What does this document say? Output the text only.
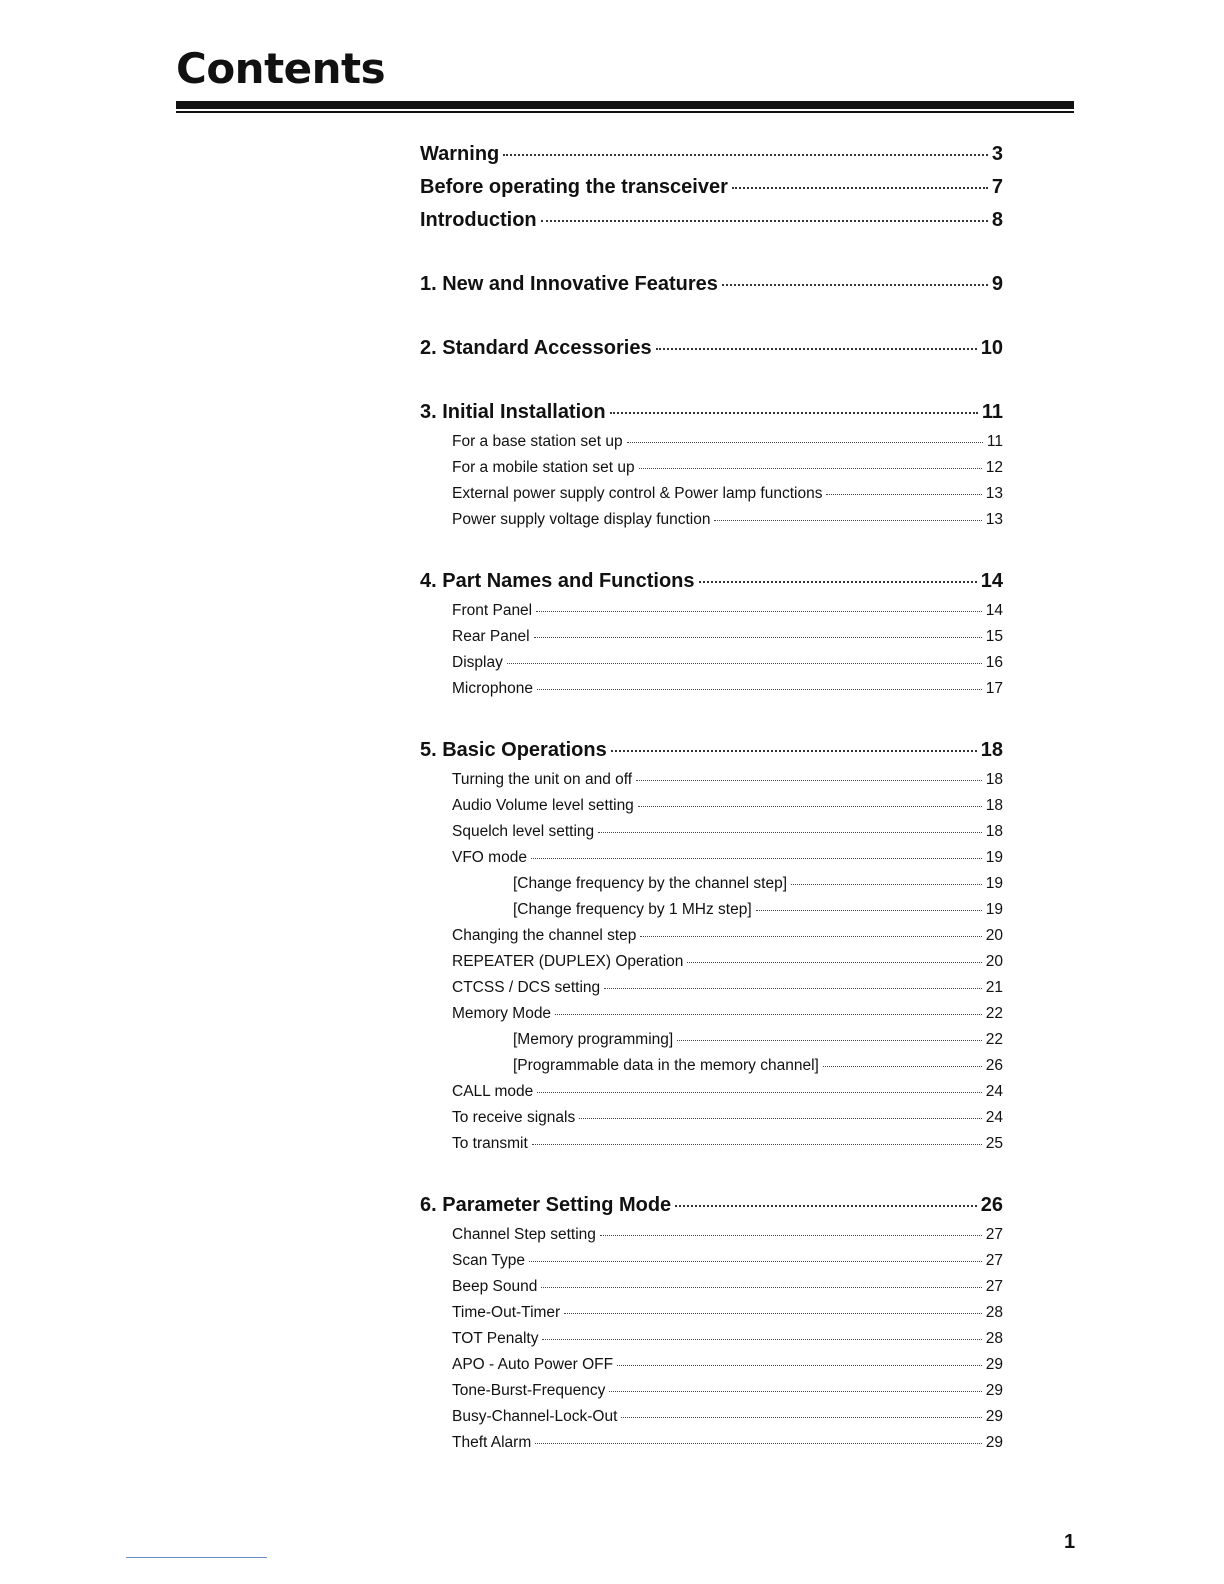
Contents
Warning	3
Before operating the transceiver	7
Introduction	8
1. New and Innovative Features	9
2. Standard Accessories	10
3. Initial Installation	11
For a base station set up	11
For a mobile station set up	12
External power supply control & Power lamp functions	13
Power supply voltage display function	13
4. Part Names and Functions	14
Front Panel	14
Rear Panel	15
Display	16
Microphone	17
5. Basic Operations	18
Turning the unit on and off	18
Audio Volume level setting	18
Squelch level setting	18
VFO mode	19
[Change frequency by the channel step]	19
[Change frequency by 1 MHz step]	19
Changing the channel step	20
REPEATER (DUPLEX) Operation	20
CTCSS / DCS setting	21
Memory Mode	22
[Memory programming]	22
[Programmable data in the memory channel]	26
CALL mode	24
To receive signals	24
To transmit	25
6. Parameter Setting Mode	26
Channel Step setting	27
Scan Type	27
Beep Sound	27
Time-Out-Timer	28
TOT Penalty	28
APO - Auto Power OFF	29
Tone-Burst-Frequency	29
Busy-Channel-Lock-Out	29
Theft Alarm	29
1
